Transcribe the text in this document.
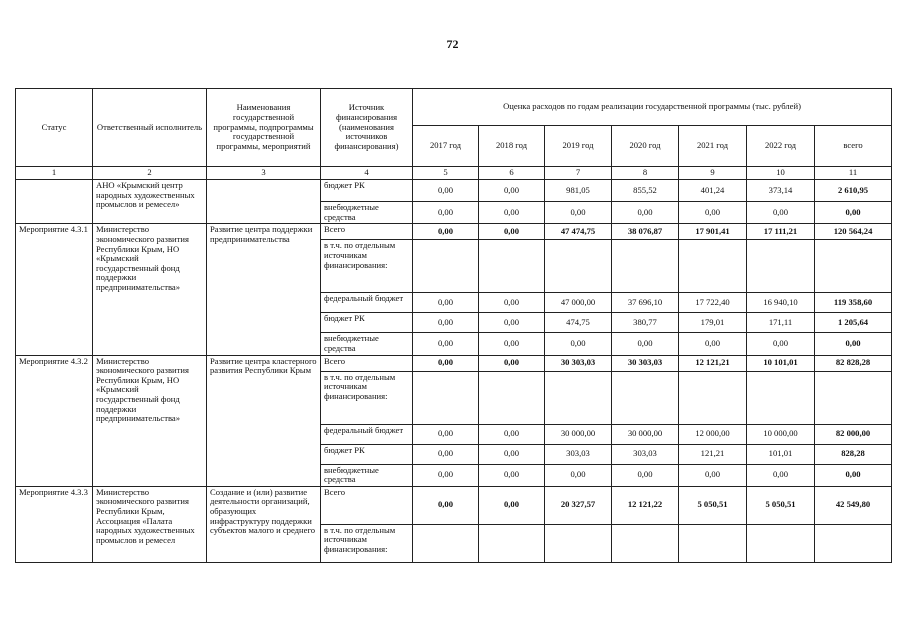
72
Статус	Ответственный исполнитель	Наименования государственной программы, подпрограммы государственной программы, мероприятий	Источник финансирования (наименования источников финансирования)	Оценка расходов по годам реализации государственной программы (тыс. рублей)						
				2017 год	2018 год	2019 год	2020 год	2021 год	2022 год	всего
1	2	3	4	5	6	7	8	9	10	11
	АНО «Крымский центр народных художественных промыслов и ремесел»		бюджет РК	0,00	0,00	981,05	855,52	401,24	373,14	2 610,95
			внебюджетные средства	0,00	0,00	0,00	0,00	0,00	0,00	0,00
Мероприятие 4.3.1	Министерство экономического развития Республики Крым, НО «Крымский государственный фонд поддержки предпринимательства»	Развитие центра поддержки предпринимательства	Всего	0,00	0,00	47 474,75	38 076,87	17 901,41	17 111,21	120 564,24
			в т.ч. по отдельным источникам финансирования:							
			федеральный бюджет	0,00	0,00	47 000,00	37 696,10	17 722,40	16 940,10	119 358,60
			бюджет РК	0,00	0,00	474,75	380,77	179,01	171,11	1 205,64
			внебюджетные средства	0,00	0,00	0,00	0,00	0,00	0,00	0,00
Мероприятие 4.3.2	Министерство экономического развития Республики Крым, НО «Крымский государственный фонд поддержки предпринимательства»	Развитие центра кластерного развития Республики Крым	Всего	0,00	0,00	30 303,03	30 303,03	12 121,21	10 101,01	82 828,28
			в т.ч. по отдельным источникам финансирования:							
			федеральный бюджет	0,00	0,00	30 000,00	30 000,00	12 000,00	10 000,00	82 000,00
			бюджет РК	0,00	0,00	303,03	303,03	121,21	101,01	828,28
			внебюджетные средства	0,00	0,00	0,00	0,00	0,00	0,00	0,00
Мероприятие 4.3.3	Министерство экономического развития Республики Крым, Ассоциация «Палата народных художественных промыслов и ремесел	Создание и (или) развитие деятельности организаций, образующих инфраструктуру поддержки субъектов малого и среднего	Всего	0,00	0,00	20 327,57	12 121,22	5 050,51	5 050,51	42 549,80
			в т.ч. по отдельным источникам финансирования:							
